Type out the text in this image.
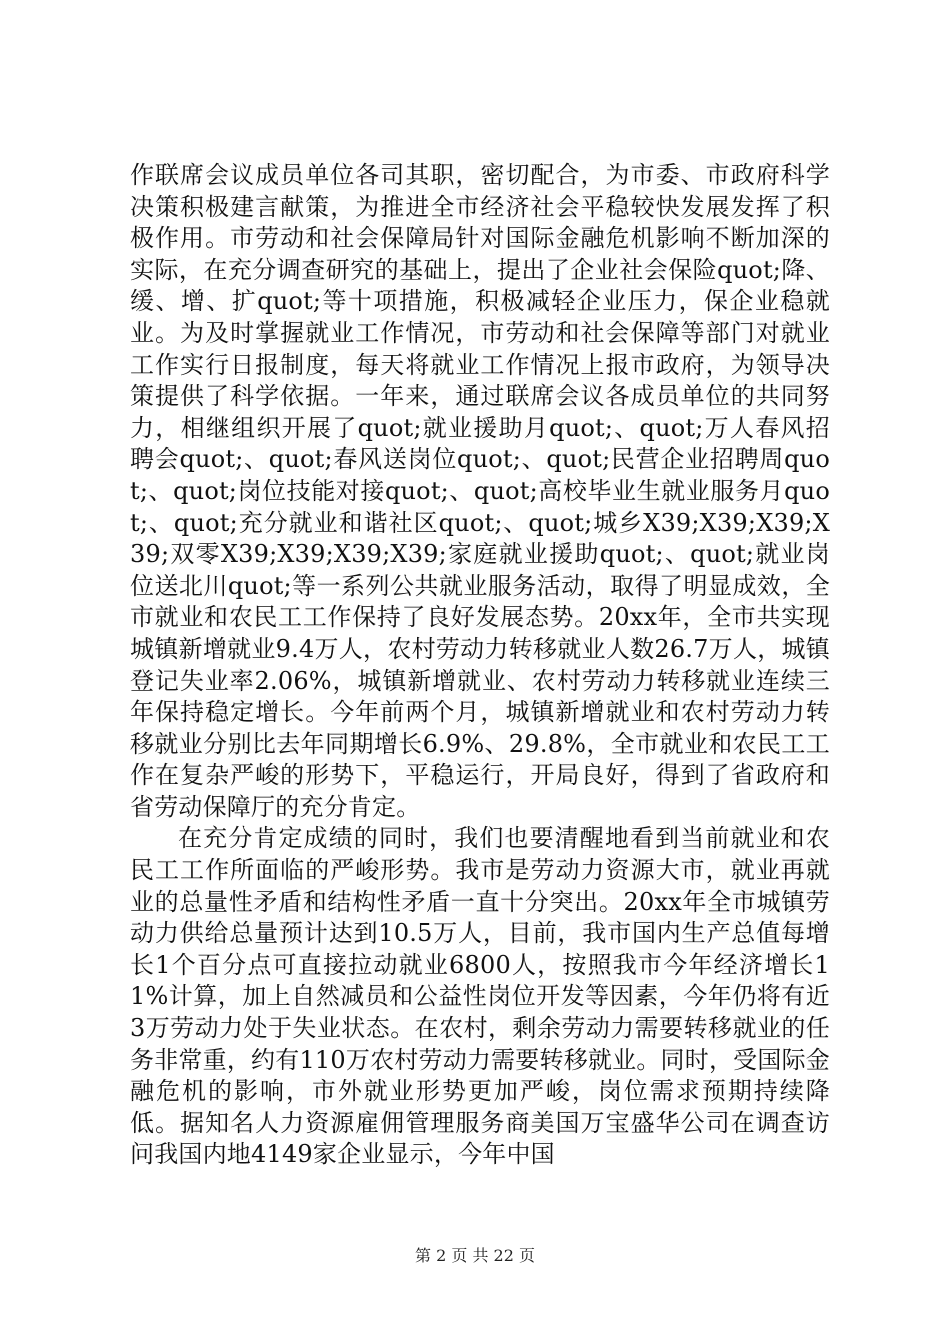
作联席会议成员单位各司其职，密切配合，为市委、市政府科学决策积极建言献策，为推进全市经济社会平稳较快发展发挥了积极作用。市劳动和社会保障局针对国际金融危机影响不断加深的实际，在充分调查研究的基础上，提出了企业社会保险quot;降、缓、增、扩quot;等十项措施，积极减轻企业压力，保企业稳就业。为及时掌握就业工作情况，市劳动和社会保障等部门对就业工作实行日报制度，每天将就业工作情况上报市政府，为领导决策提供了科学依据。一年来，通过联席会议各成员单位的共同努力，相继组织开展了quot;就业援助月quot;、quot;万人春风招聘会quot;、quot;春风送岗位quot;、quot;民营企业招聘周quot;、quot;岗位技能对接quot;、quot;高校毕业生就业服务月quot;、quot;充分就业和谐社区quot;、quot;城乡X39;X39;X39;X39;双零X39;X39;X39;X39;家庭就业援助quot;、quot;就业岗位送北川quot;等一系列公共就业服务活动，取得了明显成效，全市就业和农民工工作保持了良好发展态势。20xx年，全市共实现城镇新增就业9.4万人，农村劳动力转移就业人数26.7万人，城镇登记失业率2.06%，城镇新增就业、农村劳动力转移就业连续三年保持稳定增长。今年前两个月，城镇新增就业和农村劳动力转移就业分别比去年同期增长6.9%、29.8%，全市就业和农民工工作在复杂严峻的形势下，平稳运行，开局良好，得到了省政府和省劳动保障厅的充分肯定。

在充分肯定成绩的同时，我们也要清醒地看到当前就业和农民工工作所面临的严峻形势。我市是劳动力资源大市，就业再就业的总量性矛盾和结构性矛盾一直十分突出。20xx年全市城镇劳动力供给总量预计达到10.5万人，目前，我市国内生产总值每增长1个百分点可直接拉动就业6800人，按照我市今年经济增长11%计算，加上自然减员和公益性岗位开发等因素，今年仍将有近3万劳动力处于失业状态。在农村，剩余劳动力需要转移就业的任务非常重，约有110万农村劳动力需要转移就业。同时，受国际金融危机的影响，市外就业形势更加严峻，岗位需求预期持续降低。据知名人力资源雇佣管理服务商美国万宝盛华公司在调查访问我国内地4149家企业显示，今年中国

第 2 页 共 22 页
